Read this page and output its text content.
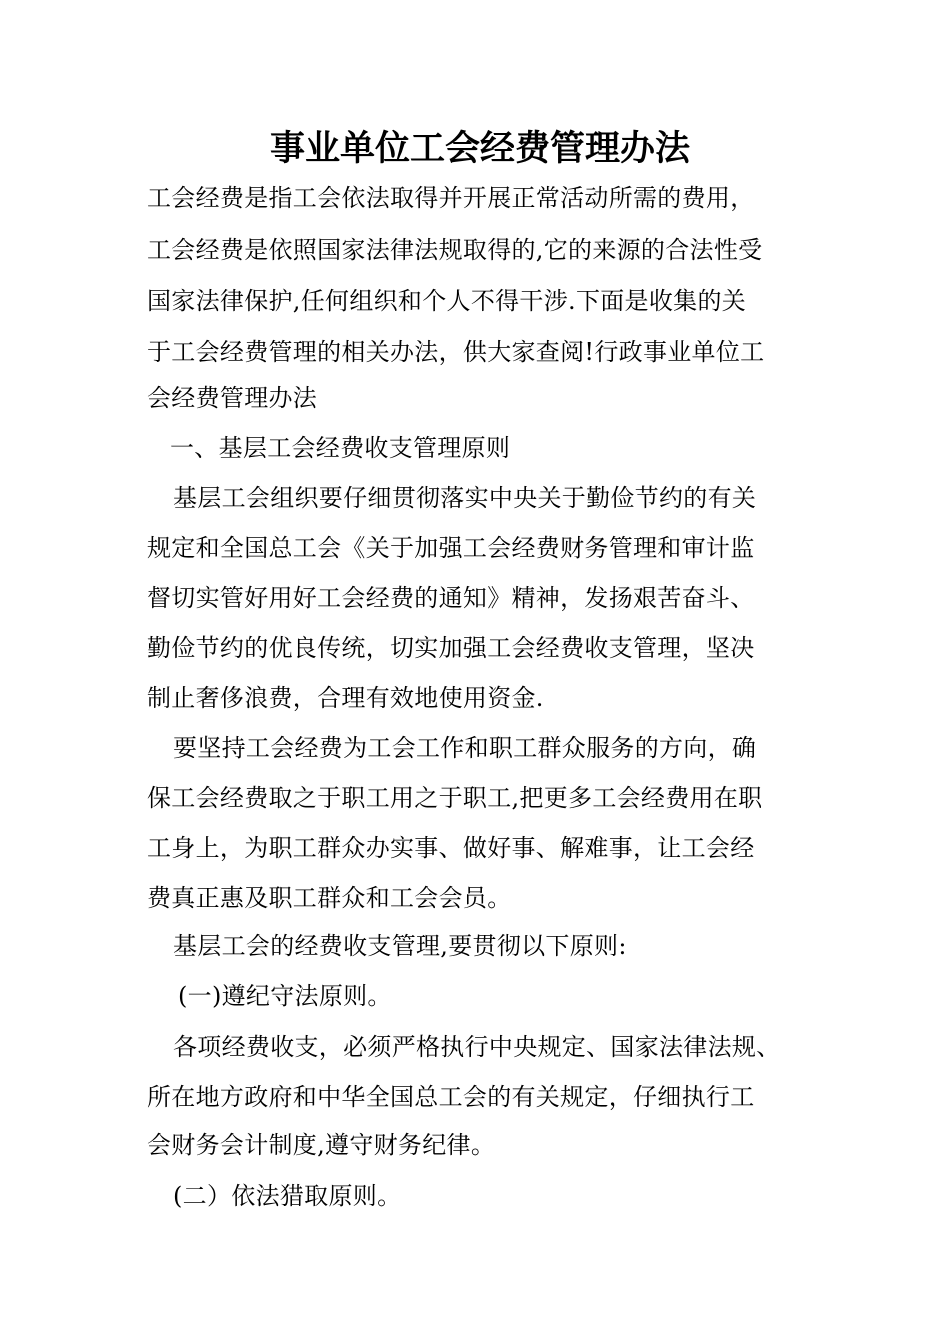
事业单位工会经费管理办法
工会经费是指工会依法取得并开展正常活动所需的费用，
工会经费是依照国家法律法规取得的,它的来源的合法性受
国家法律保护,任何组织和个人不得干涉.下面是收集的关
于工会经费管理的相关办法，供大家查阅!行政事业单位工
会经费管理办法
一、基层工会经费收支管理原则
基层工会组织要仔细贯彻落实中央关于勤俭节约的有关
规定和全国总工会《关于加强工会经费财务管理和审计监
督切实管好用好工会经费的通知》精神，发扬艰苦奋斗、
勤俭节约的优良传统，切实加强工会经费收支管理，坚决
制止奢侈浪费，合理有效地使用资金.
要坚持工会经费为工会工作和职工群众服务的方向，确
保工会经费取之于职工用之于职工,把更多工会经费用在职
工身上，为职工群众办实事、做好事、解难事，让工会经
费真正惠及职工群众和工会会员。
基层工会的经费收支管理,要贯彻以下原则:
(一)遵纪守法原则。
各项经费收支，必须严格执行中央规定、国家法律法规、
所在地方政府和中华全国总工会的有关规定，仔细执行工
会财务会计制度,遵守财务纪律。
(二）依法猎取原则。
